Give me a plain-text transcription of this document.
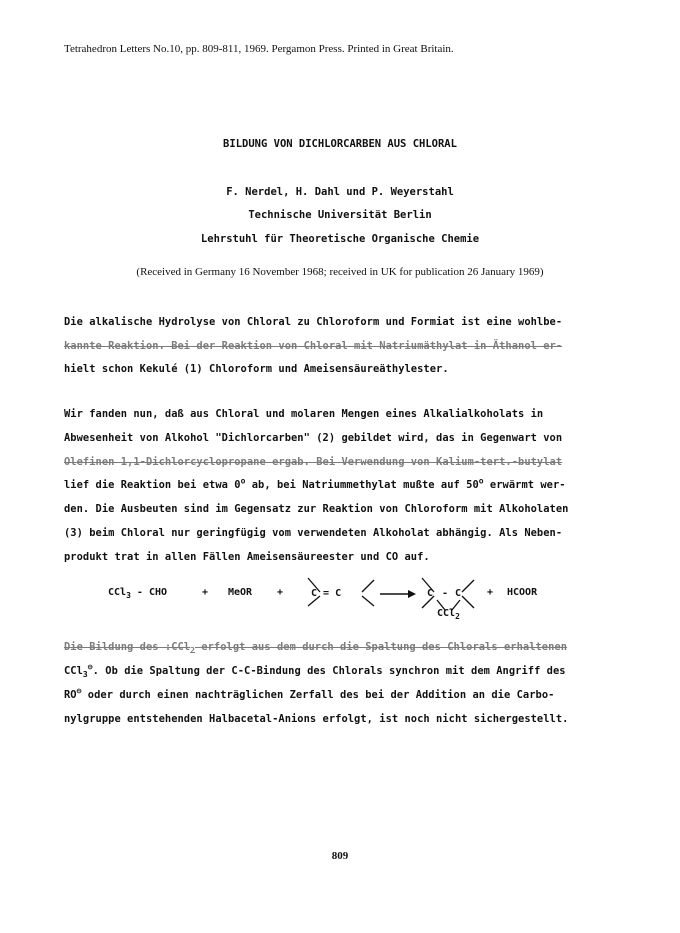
Tetrahedron Letters No.10, pp. 809-811, 1969. Pergamon Press. Printed in Great Britain.
BILDUNG VON DICHLORCARBEN AUS CHLORAL
F. Nerdel, H. Dahl und P. Weyerstahl
Technische Universität Berlin
Lehrstuhl für Theoretische Organische Chemie
(Received in Germany 16 November 1968; received in UK for publication 26 January 1969)
Die alkalische Hydrolyse von Chloral zu Chloroform und Formiat ist eine wohlbe-
kannte Reaktion. Bei der Reaktion von Chloral mit Natriumäthylat in Äthanol er-
hielt schon Kekulé (1) Chloroform und Ameisensäureäthylester.
Wir fanden nun, daß aus Chloral und molaren Mengen eines Alkalialkoholats in
Abwesenheit von Alkohol "Dichlorcarben" (2) gebildet wird, das in Gegenwart von
Olefinen 1,1-Dichlorcyclopropane ergab. Bei Verwendung von Kalium-tert.-butylat
lief die Reaktion bei etwa 0$^o$ ab, bei Natriummethylat mußte auf 50$^o$ erwärmt wer-
den. Die Ausbeuten sind im Gegensatz zur Reaktion von Chloroform mit Alkoholaten
(3) beim Chloral nur geringfügig vom verwendeten Alkoholat abhängig. Als Neben-
produkt trat in allen Fällen Ameisensäureester und CO auf.
CCl$_3$ - CHO	+ MeOR +	C = C	C - C
CCl$_2$
+ HCOOR
Die Bildung des :CCl$_2$ erfolgt aus dem durch die Spaltung des Chlorals erhaltenen
CCl$_3$⊖. Ob die Spaltung der C-C-Bindung des Chlorals synchron mit dem Angriff des
RO⊖ oder durch einen nachträglichen Zerfall des bei der Addition an die Carbo-
nylgruppe entstehenden Halbacetal-Anions erfolgt, ist noch nicht sichergestellt.
809
